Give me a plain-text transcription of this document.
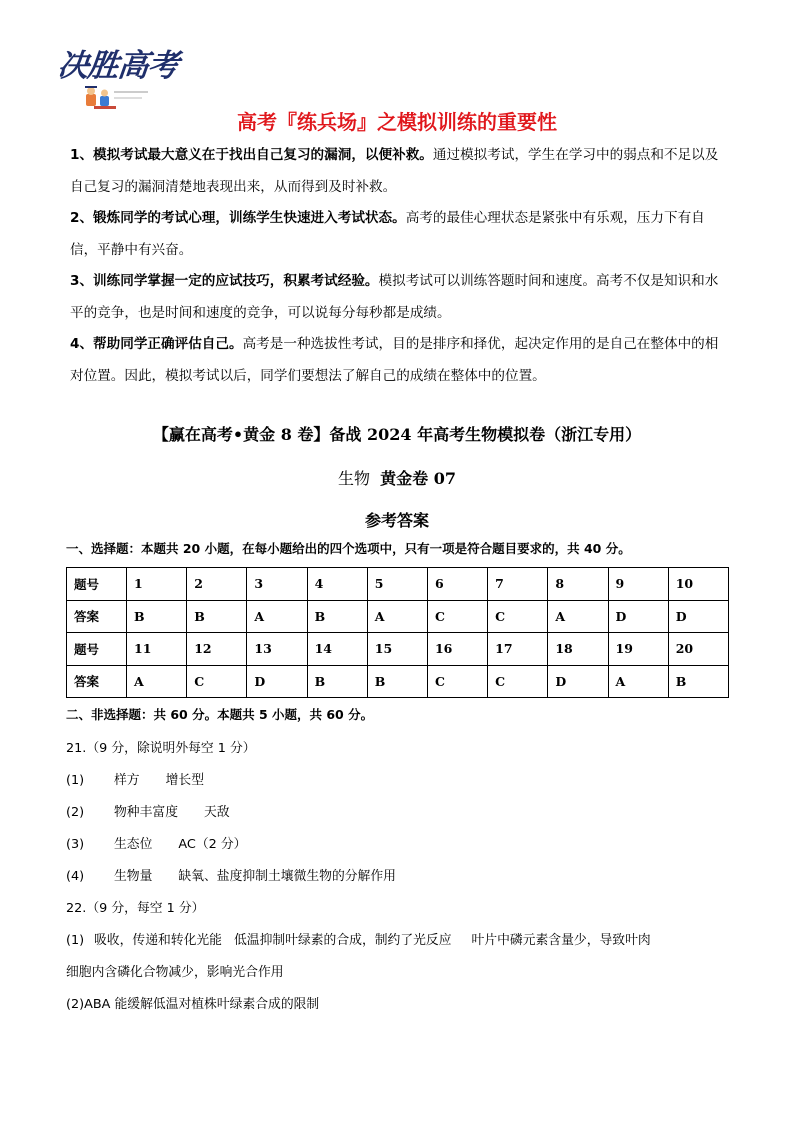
决胜高考
高考『练兵场』之模拟训练的重要性
1、模拟考试最大意义在于找出自己复习的漏洞，以便补救。通过模拟考试，学生在学习中的弱点和不足以及自己复习的漏洞清楚地表现出来，从而得到及时补救。
2、锻炼同学的考试心理，训练学生快速进入考试状态。高考的最佳心理状态是紧张中有乐观，压力下有自信，平静中有兴奋。
3、训练同学掌握一定的应试技巧，积累考试经验。模拟考试可以训练答题时间和速度。高考不仅是知识和水平的竞争，也是时间和速度的竞争，可以说每分每秒都是成绩。
4、帮助同学正确评估自己。高考是一种选拔性考试，目的是排序和择优，起决定作用的是自己在整体中的相对位置。因此，模拟考试以后，同学们要想法了解自己的成绩在整体中的位置。
【赢在高考•黄金 8 卷】备战 2024 年高考生物模拟卷（浙江专用）
生物 黄金卷 07
参考答案
一、选择题：本题共 20 小题，在每小题给出的四个选项中，只有一项是符合题目要求的，共 40 分。
题号	1	2	3	4	5	6	7	8	9	10
答案	B	B	A	B	A	C	C	A	D	D
题号	11	12	13	14	15	16	17	18	19	20
答案	A	C	D	B	B	C	C	D	A	B
二、非选择题：共 60 分。本题共 5 小题，共 60 分。
21.（9 分，除说明外每空 1 分）
(1) 样方 增长型
(2) 物种丰富度 天敌
(3) 生态位 AC（2 分）
(4) 生物量 缺氧、盐度抑制土壤微生物的分解作用
22.（9 分，每空 1 分）
(1) 吸收，传递和转化光能 低温抑制叶绿素的合成，制约了光反应 叶片中磷元素含量少，导致叶肉
细胞内含磷化合物减少，影响光合作用
(2)ABA 能缓解低温对植株叶绿素合成的限制
